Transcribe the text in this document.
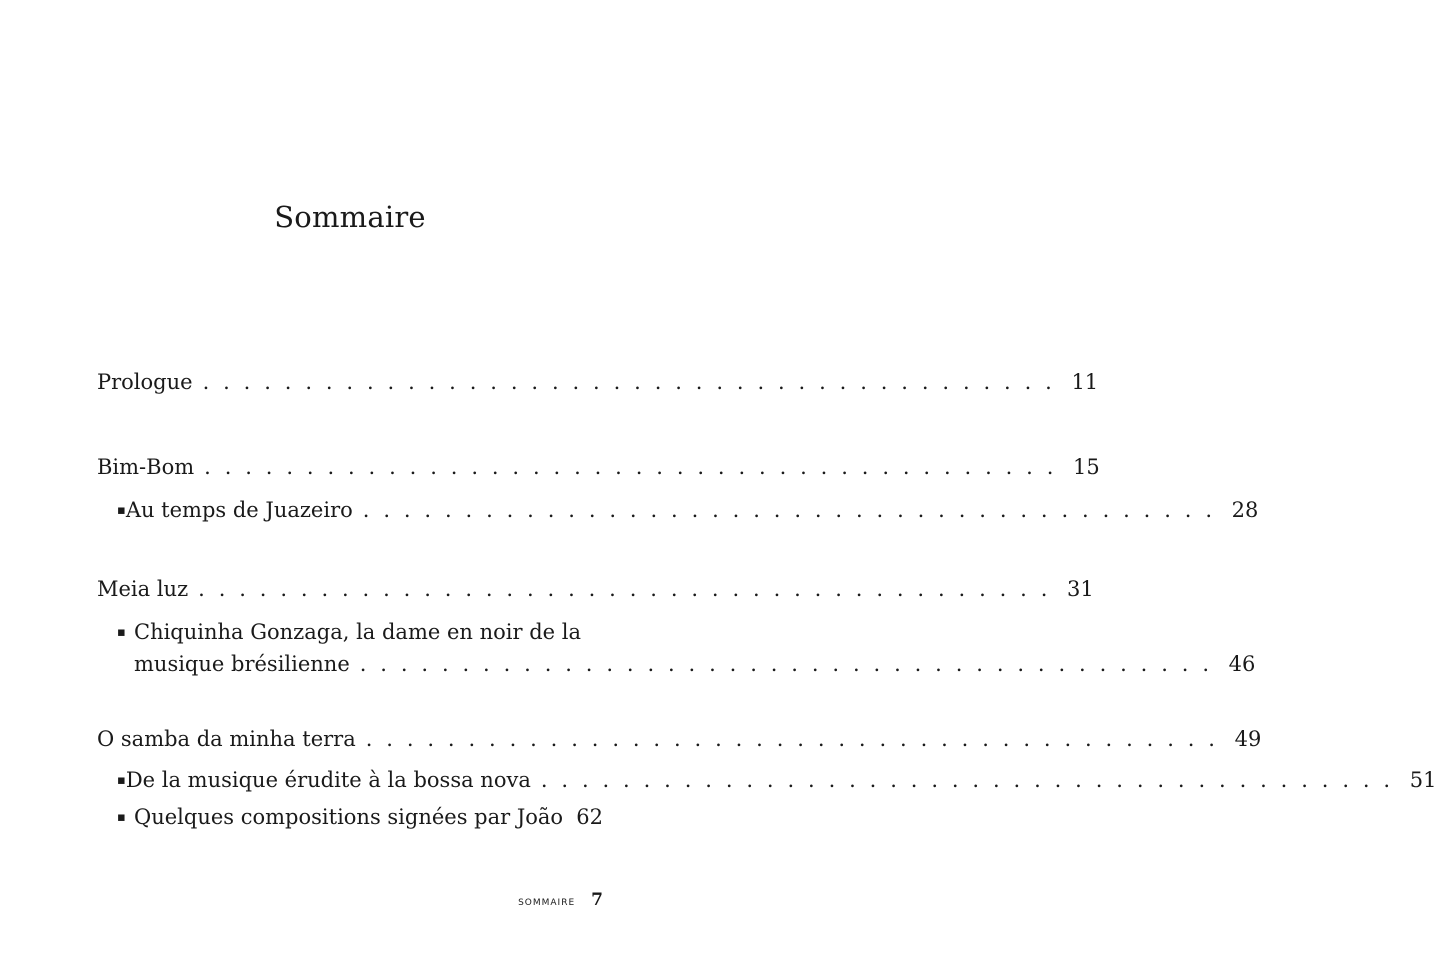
Sommaire
Prologue . . . . . . . . . . . . . . . . . . . . . . . . . . . . . . . . . . . . . . . . . . 11
Bim-Bom . . . . . . . . . . . . . . . . . . . . . . . . . . . . . . . . . . . . . . . . . . 15
▪ Au temps de Juazeiro . . . . . . . . . . . . . . . . . . . . . . . . . . . . . . . . . . . . . . . . . . 28
Meia luz . . . . . . . . . . . . . . . . . . . . . . . . . . . . . . . . . . . . . . . . . . 31
▪ Chiquinha Gonzaga, la dame en noir de la
musique brésilienne . . . . . . . . . . . . . . . . . . . . . . . . . . . . . . . . . . . . . . . . . . 46
O samba da minha terra . . . . . . . . . . . . . . . . . . . . . . . . . . . . . . . . . . . . . . . . . . 49
▪ De la musique érudite à la bossa nova . . . . . . . . . . . . . . . . . . . . . . . . . . . . . . . . . . . . . . . . . . 51
▪ Quelques compositions signées par João 62
SOMMAIRE 7
